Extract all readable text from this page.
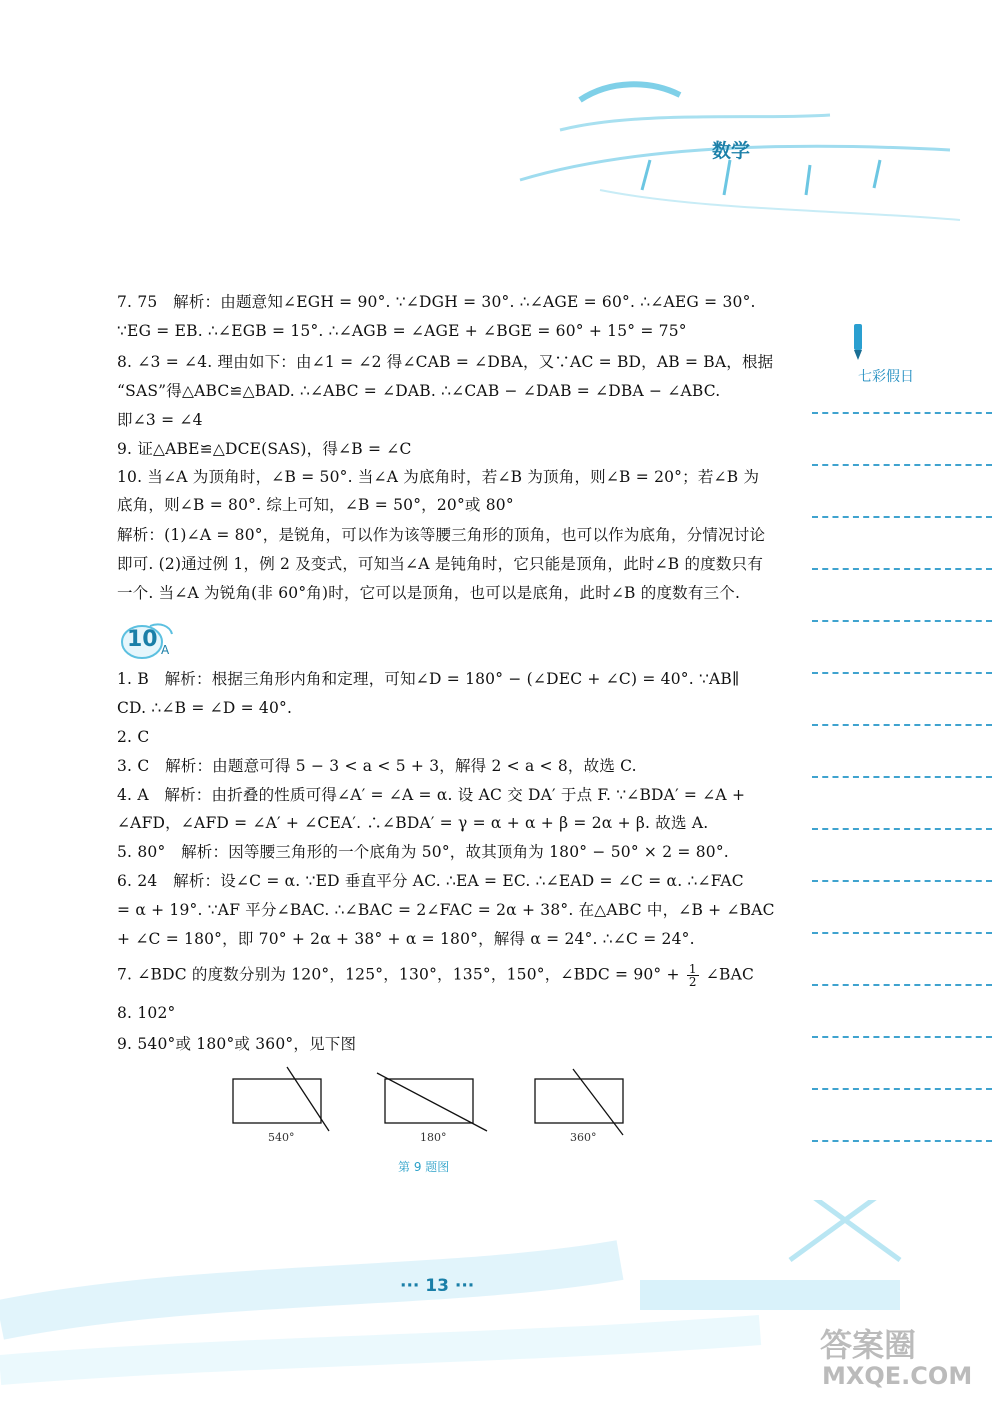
数学
七彩假日
7. 75　解析：由题意知∠EGH = 90°. ∵∠DGH = 30°. ∴∠AGE = 60°. ∴∠AEG = 30°.
∵EG = EB. ∴∠EGB = 15°. ∴∠AGB = ∠AGE + ∠BGE = 60° + 15° = 75°
8. ∠3 = ∠4. 理由如下：由∠1 = ∠2 得∠CAB = ∠DBA，又∵AC = BD，AB = BA，根据
“SAS”得△ABC≌△BAD. ∴∠ABC = ∠DAB. ∴∠CAB − ∠DAB = ∠DBA − ∠ABC.
即∠3 = ∠4
9. 证△ABE≌△DCE(SAS)，得∠B = ∠C
10. 当∠A 为顶角时，∠B = 50°. 当∠A 为底角时，若∠B 为顶角，则∠B = 20°；若∠B 为
底角，则∠B = 80°. 综上可知，∠B = 50°，20°或 80°
解析：(1)∠A = 80°，是锐角，可以作为该等腰三角形的顶角，也可以作为底角，分情况讨论
即可. (2)通过例 1，例 2 及变式，可知当∠A 是钝角时，它只能是顶角，此时∠B 的度数只有
一个. 当∠A 为锐角(非 60°角)时，它可以是顶角，也可以是底角，此时∠B 的度数有三个.
10 A
1. B　解析：根据三角形内角和定理，可知∠D = 180° − (∠DEC + ∠C) = 40°. ∵AB∥
CD. ∴∠B = ∠D = 40°.
2. C
3. C　解析：由题意可得 5 − 3 < a < 5 + 3，解得 2 < a < 8，故选 C.
4. A　解析：由折叠的性质可得∠A′ = ∠A = α. 设 AC 交 DA′ 于点 F. ∵∠BDA′ = ∠A +
∠AFD，∠AFD = ∠A′ + ∠CEA′. ∴∠BDA′ = γ = α + α + β = 2α + β. 故选 A.
5. 80°　解析：因等腰三角形的一个底角为 50°，故其顶角为 180° − 50° × 2 = 80°.
6. 24　解析：设∠C = α. ∵ED 垂直平分 AC. ∴EA = EC. ∴∠EAD = ∠C = α. ∴∠FAC
= α + 19°. ∵AF 平分∠BAC. ∴∠BAC = 2∠FAC = 2α + 38°. 在△ABC 中，∠B + ∠BAC
+ ∠C = 180°，即 70° + 2α + 38° + α = 180°，解得 α = 24°. ∴∠C = 24°.
7. ∠BDC 的度数分别为 120°，125°，130°，135°，150°，∠BDC = $90^\circ + \frac{1}{2}$ ∠BAC
8. 102°
9. 540°或 180°或 360°，见下图
540°	180°	360°
第 9 题图
··· 13 ···
答案圈
MXQE.COM
